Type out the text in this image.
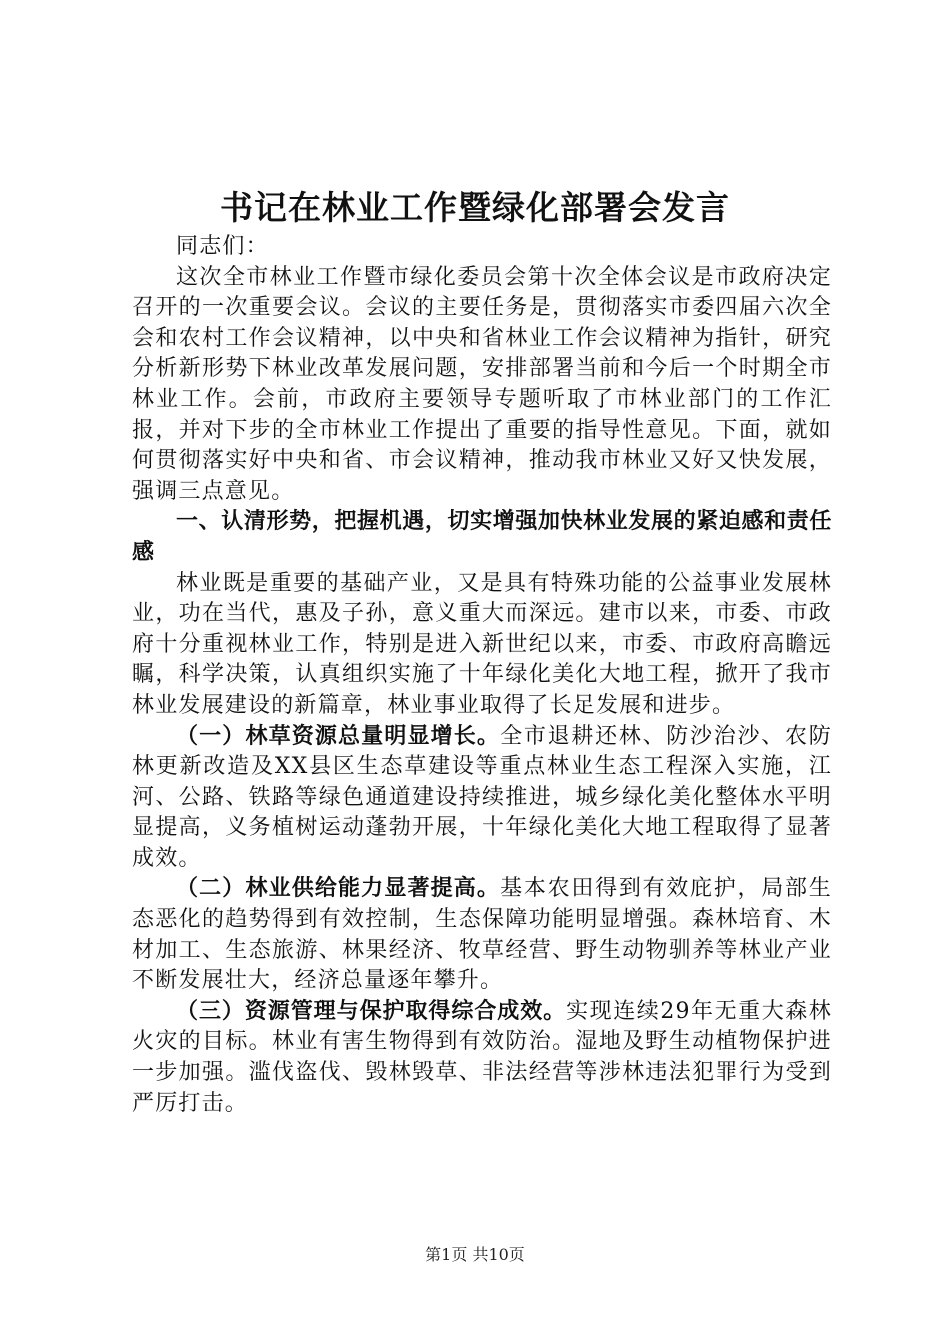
书记在林业工作暨绿化部署会发言

同志们：

这次全市林业工作暨市绿化委员会第十次全体会议是市政府决定召开的一次重要会议。会议的主要任务是，贯彻落实市委四届六次全会和农村工作会议精神，以中央和省林业工作会议精神为指针，研究分析新形势下林业改革发展问题，安排部署当前和今后一个时期全市林业工作。会前，市政府主要领导专题听取了市林业部门的工作汇报，并对下步的全市林业工作提出了重要的指导性意见。下面，就如何贯彻落实好中央和省、市会议精神，推动我市林业又好又快发展，强调三点意见。

一、认清形势，把握机遇，切实增强加快林业发展的紧迫感和责任感

林业既是重要的基础产业，又是具有特殊功能的公益事业发展林业，功在当代，惠及子孙，意义重大而深远。建市以来，市委、市政府十分重视林业工作，特别是进入新世纪以来，市委、市政府高瞻远瞩，科学决策，认真组织实施了十年绿化美化大地工程，掀开了我市林业发展建设的新篇章，林业事业取得了长足发展和进步。

（一）林草资源总量明显增长。全市退耕还林、防沙治沙、农防林更新改造及XX县区生态草建设等重点林业生态工程深入实施，江河、公路、铁路等绿色通道建设持续推进，城乡绿化美化整体水平明显提高，义务植树运动蓬勃开展，十年绿化美化大地工程取得了显著成效。

（二）林业供给能力显著提高。基本农田得到有效庇护，局部生态恶化的趋势得到有效控制，生态保障功能明显增强。森林培育、木材加工、生态旅游、林果经济、牧草经营、野生动物驯养等林业产业不断发展壮大，经济总量逐年攀升。

（三）资源管理与保护取得综合成效。实现连续29年无重大森林火灾的目标。林业有害生物得到有效防治。湿地及野生动植物保护进一步加强。滥伐盗伐、毁林毁草、非法经营等涉林违法犯罪行为受到严厉打击。

第1页 共10页
